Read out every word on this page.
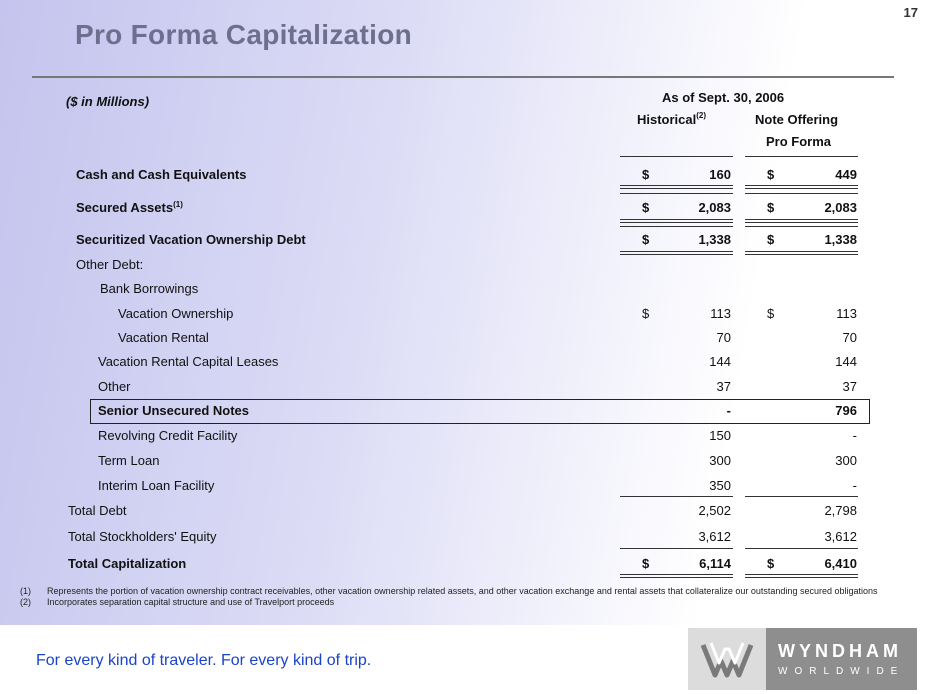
17
Pro Forma Capitalization
($ in Millions)	As of Sept. 30, 2006
Historical$^{(2)}$	Note Offering
Pro Forma
Cash and Cash Equivalents	$	160	$	449
Secured Assets$^{(1)}$	$	2,083	$	2,083
Securitized Vacation Ownership Debt	$	1,338	$	1,338
Other Debt:
Bank Borrowings
Vacation Ownership	$	113	$	113
Vacation Rental	70	70
Vacation Rental Capital Leases	144	144
Other	37	37
Senior Unsecured Notes	-	796
Revolving Credit Facility	150	-
Term Loan	300	300
Interim Loan Facility	350	-
Total Debt	2,502	2,798
Total Stockholders' Equity	3,612	3,612
Total Capitalization	$	6,114	$	6,410
(1) Represents the portion of vacation ownership contract receivables, other vacation ownership related assets, and other vacation exchange and rental assets that collateralize our outstanding secured obligations
(2) Incorporates separation capital structure and use of Travelport proceeds
For every kind of traveler. For every kind of trip.	WYNDHAM
WORLDWIDE
